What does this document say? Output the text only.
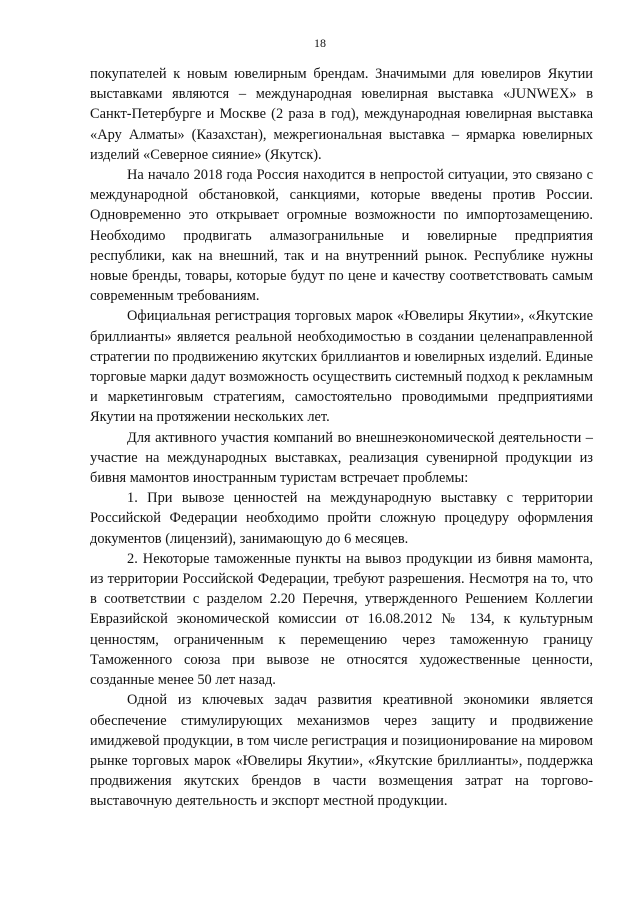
18

покупателей к новым ювелирным брендам. Значимыми для ювелиров Якутии выставками являются – международная ювелирная выставка «JUNWEX» в Санкт-Петербурге и Москве (2 раза в год), международная ювелирная выставка «Ару Алматы» (Казахстан), межрегиональная выставка – ярмарка ювелирных изделий «Северное сияние» (Якутск).

На начало 2018 года Россия находится в непростой ситуации, это связано с международной обстановкой, санкциями, которые введены против России. Одновременно это открывает огромные возможности по импортозамещению. Необходимо продвигать алмазогранильные и ювелирные предприятия республики, как на внешний, так и на внутренний рынок. Республике нужны новые бренды, товары, которые будут по цене и качеству соответствовать самым современным требованиям.

Официальная регистрация торговых марок «Ювелиры Якутии», «Якутские бриллианты» является реальной необходимостью в создании целенаправленной стратегии по продвижению якутских бриллиантов и ювелирных изделий. Единые торговые марки дадут возможность осуществить системный подход к рекламным и маркетинговым стратегиям, самостоятельно проводимыми предприятиями Якутии на протяжении нескольких лет.

Для активного участия компаний во внешнеэкономической деятельности – участие на международных выставках, реализация сувенирной продукции из бивня мамонтов иностранным туристам встречает проблемы:

1. При вывозе ценностей на международную выставку с территории Российской Федерации необходимо пройти сложную процедуру оформления документов (лицензий), занимающую до 6 месяцев.

2. Некоторые таможенные пункты на вывоз продукции из бивня мамонта, из территории Российской Федерации, требуют разрешения. Несмотря на то, что в соответствии с разделом 2.20 Перечня, утвержденного Решением Коллегии Евразийской экономической комиссии от 16.08.2012 № 134, к культурным ценностям, ограниченным к перемещению через таможенную границу Таможенного союза при вывозе не относятся художественные ценности, созданные менее 50 лет назад.

Одной из ключевых задач развития креативной экономики является обеспечение стимулирующих механизмов через защиту и продвижение имиджевой продукции, в том числе регистрация и позиционирование на мировом рынке торговых марок «Ювелиры Якутии», «Якутские бриллианты», поддержка продвижения якутских брендов в части возмещения затрат на торгово-выставочную деятельность и экспорт местной продукции.
